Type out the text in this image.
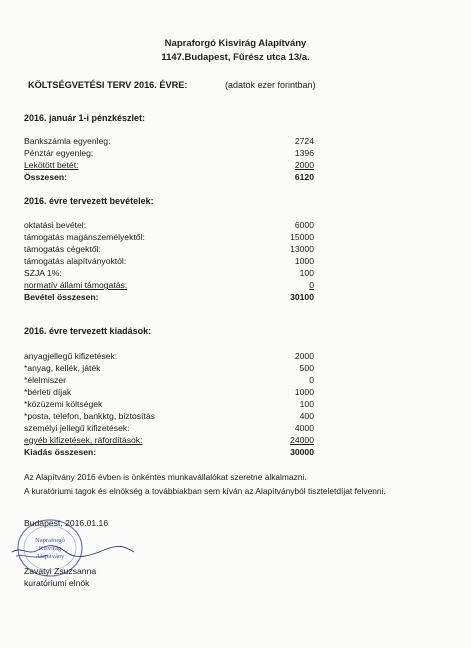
Napraforgó Kisvirág Alapítvány
1147.Budapest, Fűrész utca 13/a.
KÖLTSÉGVETÉSI TERV 2016. ÉVRE:	(adatok ezer forintban)
2016. január 1-i pénzkészlet:
Bankszámla egyenleg:	2724
Pénztár egyenleg:	1396
Lekötött betét:	2000
Összesen:	6120
2016. évre tervezett bevételek:
oktatási bevétel:	6000
támogatás magánszemélyektől:	15000
támogatás cégektől:	13000
támogatás alapítványoktól:	1000
SZJA 1%:	100
normatív állami támogatás:	0
Bevétel összesen:	30100
2016. évre tervezett kiadások:
anyagjellegű kifizetések:	2000
*anyag, kellék, játék	500
*élelmiszer	0
*bérleti díjak	1000
*közüzemi költségek	100
*posta, telefon, bankktg, biztosítás	400
személyi jellegű kifizetések:	4000
egyéb kifizetések, ráfordítások:	24000
Kiadás összesen:	30000
Az Alapítvány 2016 évben is önkéntes munkavállalókat szeretne alkalmazni.
A kuratóriumi tagok és elnökség a továbbiakban sem kíván az Alapítványból tiszteletdíjat felvenni.
Napraforgó
Kisvirág
Alapítvány
Budapest, 2016.01.16
Zavatyi Zsuzsanna
kuratóriumi elnök
